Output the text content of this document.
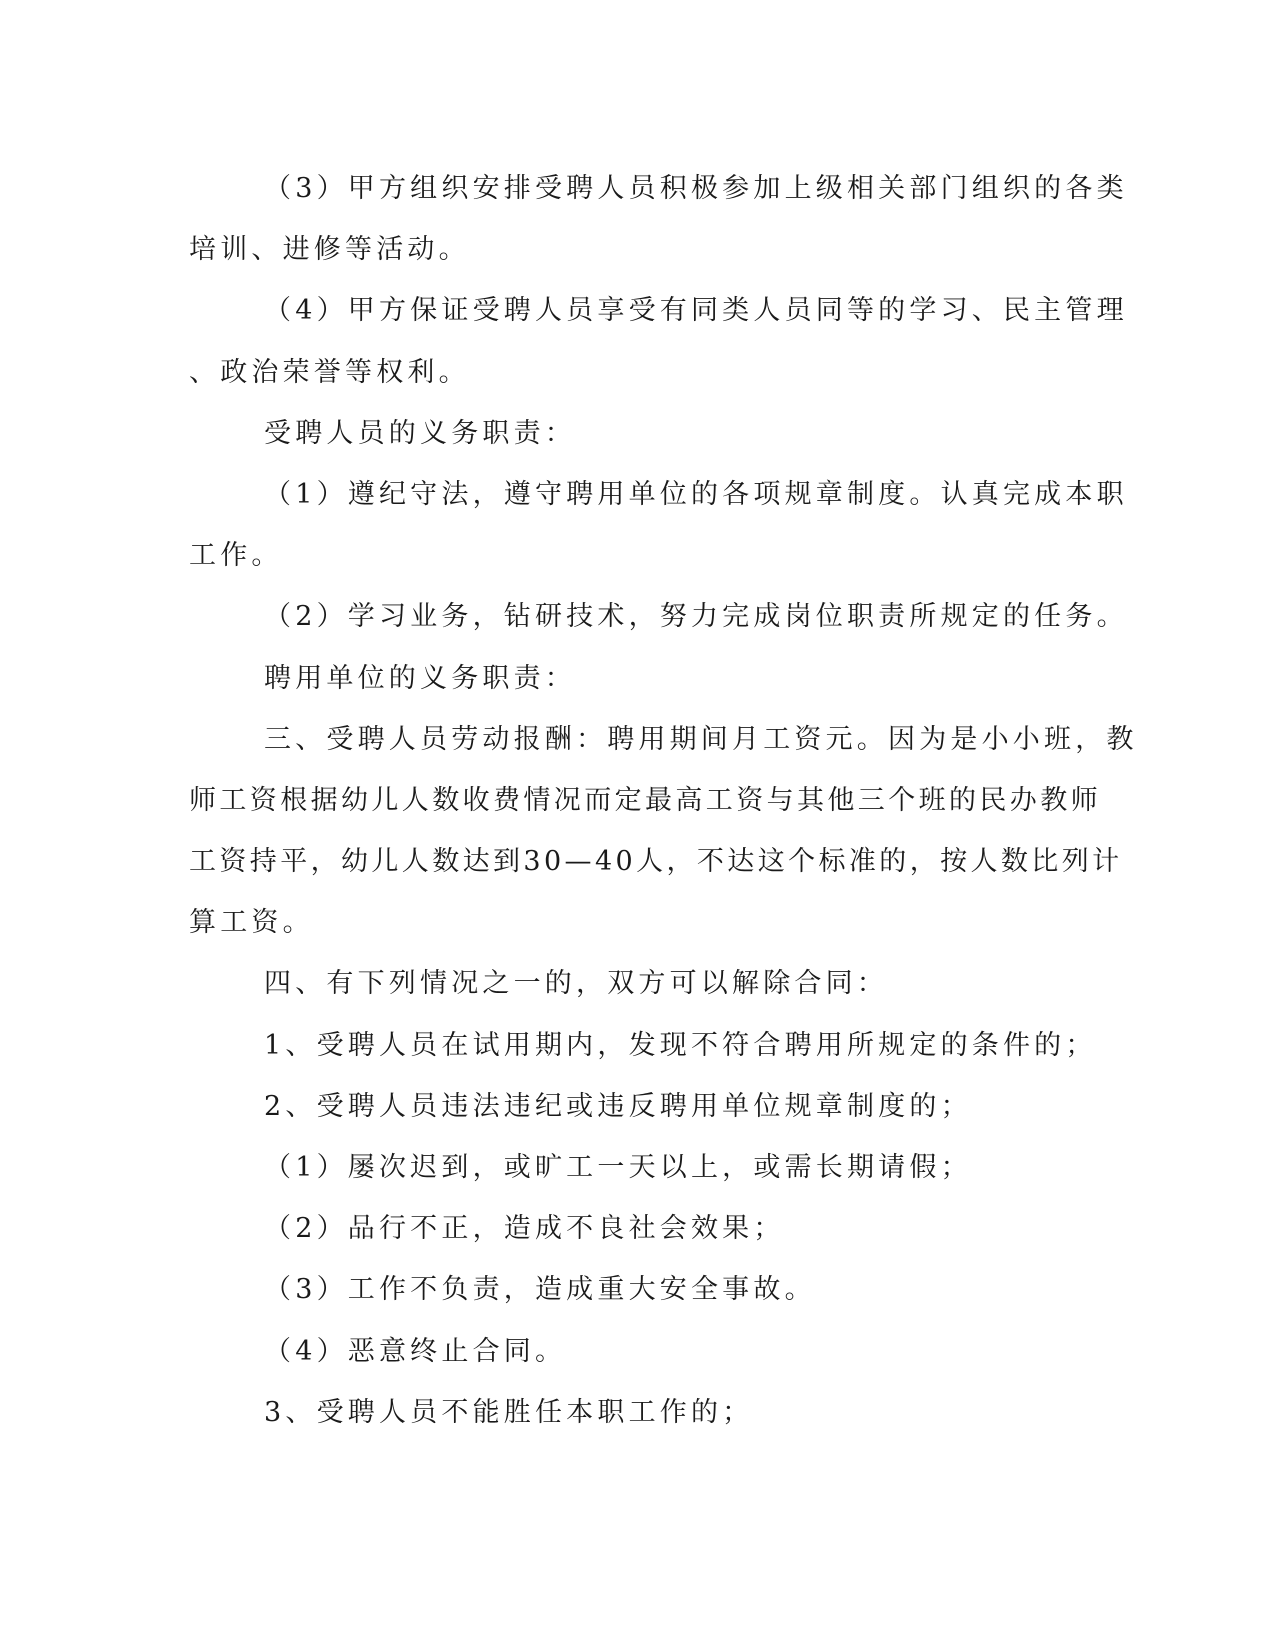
（3）甲方组织安排受聘人员积极参加上级相关部门组织的各类
培训、进修等活动。
（4）甲方保证受聘人员享受有同类人员同等的学习、民主管理
、政治荣誉等权利。
受聘人员的义务职责：
（1）遵纪守法，遵守聘用单位的各项规章制度。认真完成本职
工作。
（2）学习业务，钻研技术，努力完成岗位职责所规定的任务。
聘用单位的义务职责：
三、受聘人员劳动报酬：聘用期间月工资元。因为是小小班，教
师工资根据幼儿人数收费情况而定最高工资与其他三个班的民办教师
工资持平，幼儿人数达到30—40人，不达这个标准的，按人数比列计
算工资。
四、有下列情况之一的，双方可以解除合同：
1、受聘人员在试用期内，发现不符合聘用所规定的条件的；
2、受聘人员违法违纪或违反聘用单位规章制度的；
（1）屡次迟到，或旷工一天以上，或需长期请假；
（2）品行不正，造成不良社会效果；
（3）工作不负责，造成重大安全事故。
（4）恶意终止合同。
3、受聘人员不能胜任本职工作的；
